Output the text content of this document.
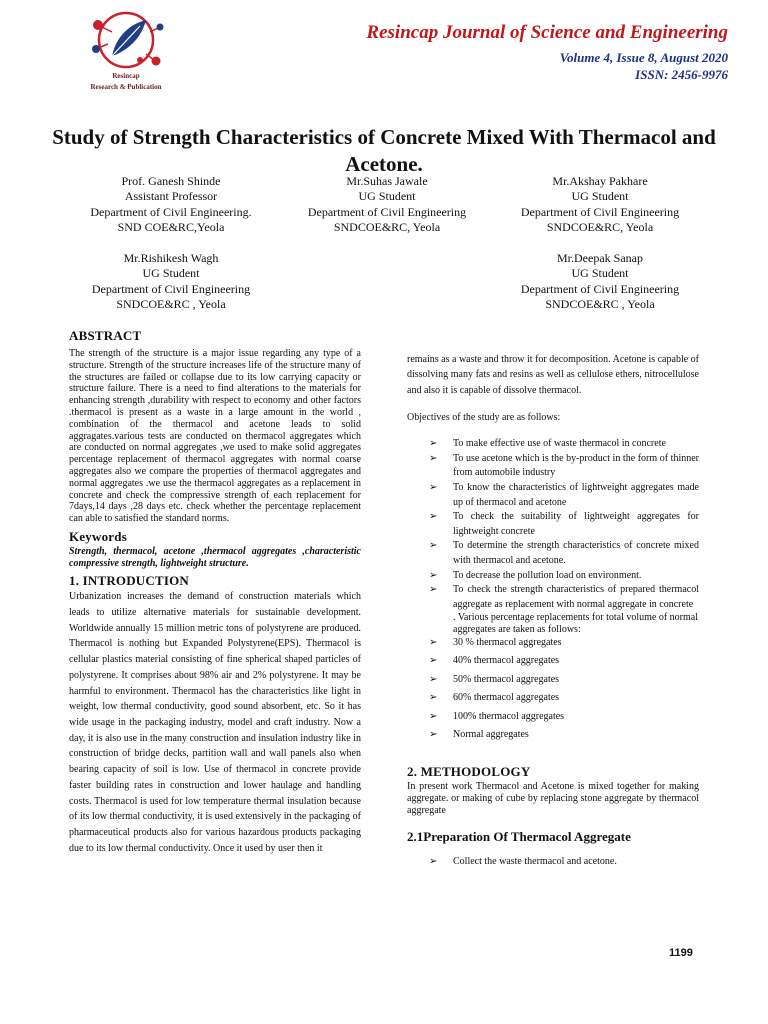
Resincap
Research & Publication
Resincap Journal of Science and Engineering
Volume 4, Issue 8, August 2020
ISSN: 2456-9976
Study of Strength Characteristics of Concrete Mixed With Thermacol and Acetone.
Prof. Ganesh Shinde
Assistant Professor
Department of Civil Engineering.
SND COE&RC,Yeola
Mr.Suhas Jawale
UG Student
Department of Civil Engineering
SNDCOE&RC, Yeola
Mr.Akshay Pakhare
UG Student
Department of Civil Engineering
SNDCOE&RC, Yeola
Mr.Rishikesh Wagh
UG Student
Department of Civil Engineering
SNDCOE&RC , Yeola
Mr.Deepak Sanap
UG Student
Department of Civil Engineering
SNDCOE&RC , Yeola
ABSTRACT

The strength of the structure is a major issue regarding any type of a structure. Strength of the structure increases life of the structure many of the structures are failed or collapse due to its low carrying capacity or structure failure. There is a need to find alterations to the materials for enhancing strength ,durability with respect to economy and other factors .thermacol is present as a waste in a large amount in the world , combination of the thermacol and acetone leads to solid aggragates.various tests are conducted on thermacol aggregates which are conducted on normal aggregates ,we used to make solid aggregates percentage replacement of thermacol aggregates with normal coarse aggregates also we compare the properties of thermacol aggregates and normal aggregates .we use the thermacol aggregates as a replacement in concrete and check the compressive strength of each replacement for 7days,14 days ,28 days etc. check whether the percentage replacement can able to satisfied the standard norms.

Keywords

Strength, thermacol, acetone ,thermacol aggregates ,characteristic compressive strength, lightweight structure.

1. INTRODUCTION

Urbanization increases the demand of construction materials which leads to utilize alternative materials for sustainable development. Worldwide annually 15 million metric tons of polystyrene are produced. Thermacol is nothing but Expanded Polystyrene(EPS). Thermacol is cellular plastics material consisting of fine spherical shaped particles of polystyrene. It comprises about 98% air and 2% polystyrene. It may be harmful to environment. Thermacol has the characteristics like light in weight, low thermal conductivity, good sound absorbent, etc. So it has wide usage in the packaging industry, model and craft industry. Now a day, it is also use in the many construction and insulation industry like in construction of bridge decks, partition wall and wall panels also when bearing capacity of soil is low. Use of thermacol in concrete provide faster building rates in construction and lower haulage and handling costs. Thermacol is used for low temperature thermal insulation because of its low thermal conductivity, it is used extensively in the packaging of pharmaceutical products also for various hazardous products packaging due to its low thermal conductivity. Once it used by user then it

remains as a waste and throw it for decomposition. Acetone is capable of dissolving many fats and resins as well as cellulose ethers, nitrocellulose and also it is capable of dissolve thermacol.

Objectives of the study are as follows:

➢ To make effective use of waste thermacol in concrete
➢ To use acetone which is the by-product in the form of thinner from automobile industry
➢ To know the characteristics of lightweight aggregates made up of thermacol and acetone
➢ To check the suitability of lightweight aggregates for lightweight concrete
➢ To determine the strength characteristics of concrete mixed with thermacol and acetone.
➢ To decrease the pollution load on environment.
➢ To check the strength characteristics of prepared thermacol aggregate as replacement with normal aggregate in concrete

. Various percentage replacements for total volume of normal aggregates are taken as follows:

➢ 30 % thermacol aggregates
➢ 40% thermacol aggregates
➢ 50% thermacol aggregates
➢ 60% thermacol aggregates
➢ 100% thermacol aggregates
➢ Normal aggregates
2. METHODOLOGY

In present work Thermacol and Acetone is mixed together for making aggregate. or making of cube by replacing stone aggregate by thermacol aggregate

2.1Preparation Of Thermacol Aggregate
➢ Collect the waste thermacol and acetone.
1199
